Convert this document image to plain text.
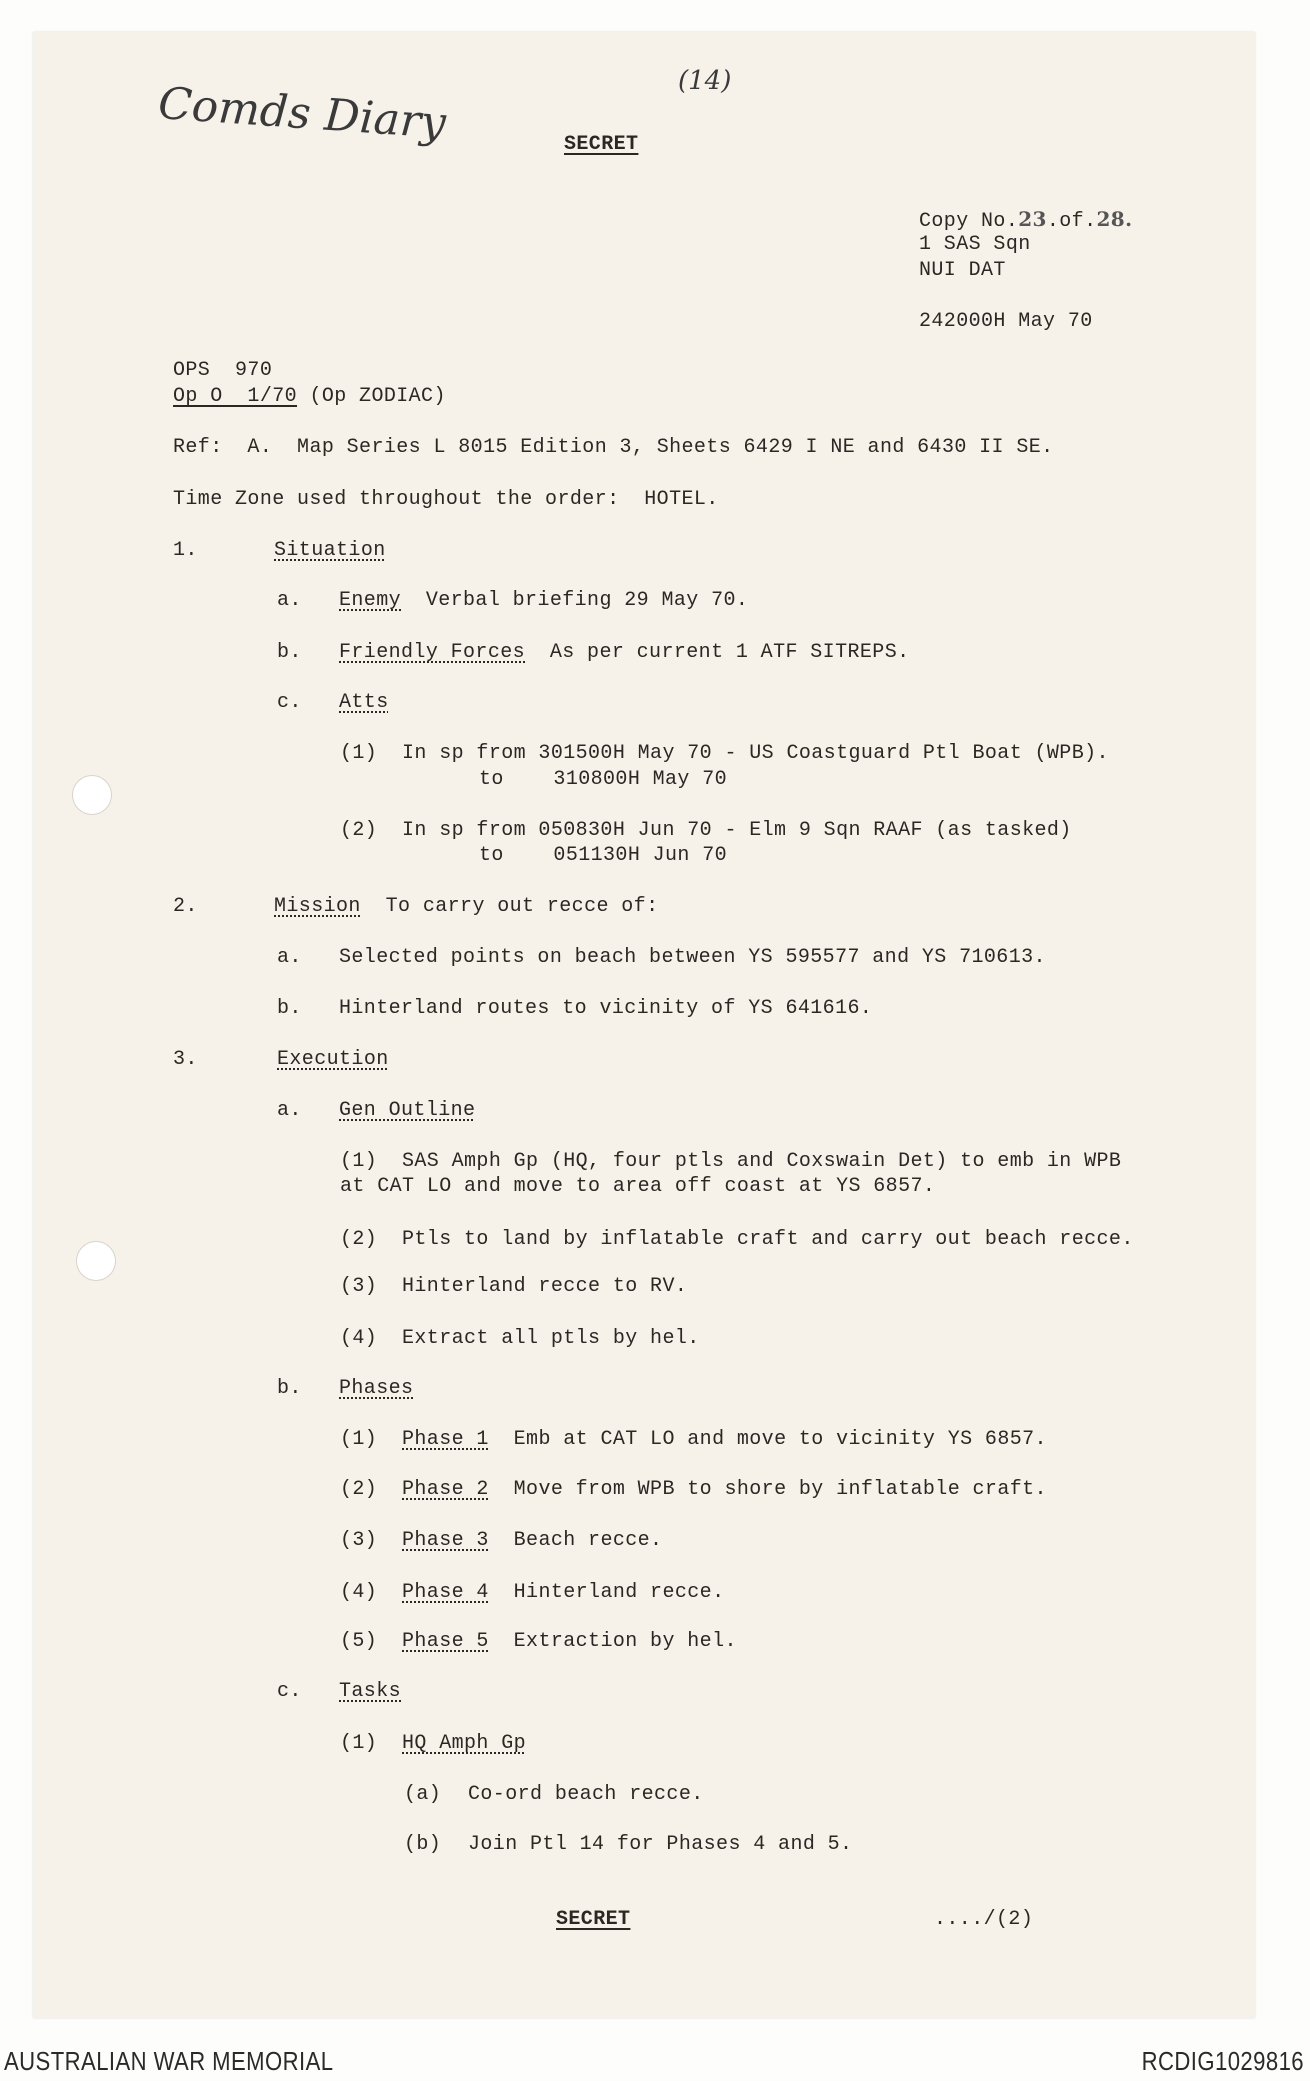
Comds Diary	(14)
SECRET
Copy No.23.of.28.
1 SAS Sqn
NUI DAT
242000H May 70
OPS  970
Op O  1/70 (Op ZODIAC)
Ref: A. Map Series L 8015 Edition 3, Sheets 6429 I NE and 6430 II SE.
Time Zone used throughout the order:  HOTEL.
1.	Situation
a. Enemy Verbal briefing 29 May 70.
b. Friendly Forces As per current 1 ATF SITREPS.
c. Atts
(1) In sp from 301500H May 70 - US Coastguard Ptl Boat (WPB).
to    310800H May 70
(2) In sp from 050830H Jun 70 - Elm 9 Sqn RAAF (as tasked)
to    051130H Jun 70
2.	Mission To carry out recce of:
a. Selected points on beach between YS 595577 and YS 710613.
b. Hinterland routes to vicinity of YS 641616.
3.	Execution
a. Gen Outline
(1) SAS Amph Gp (HQ, four ptls and Coxswain Det) to emb in WPB
at CAT LO and move to area off coast at YS 6857.
(2) Ptls to land by inflatable craft and carry out beach recce.
(3) Hinterland recce to RV.
(4) Extract all ptls by hel.
b. Phases
(1) Phase 1 Emb at CAT LO and move to vicinity YS 6857.
(2) Phase 2 Move from WPB to shore by inflatable craft.
(3) Phase 3 Beach recce.
(4) Phase 4 Hinterland recce.
(5) Phase 5 Extraction by hel.
c. Tasks
(1) HQ Amph Gp
(a) Co-ord beach recce.
(b) Join Ptl 14 for Phases 4 and 5.
SECRET	..../(2)
AUSTRALIAN WAR MEMORIAL	RCDIG1029816
